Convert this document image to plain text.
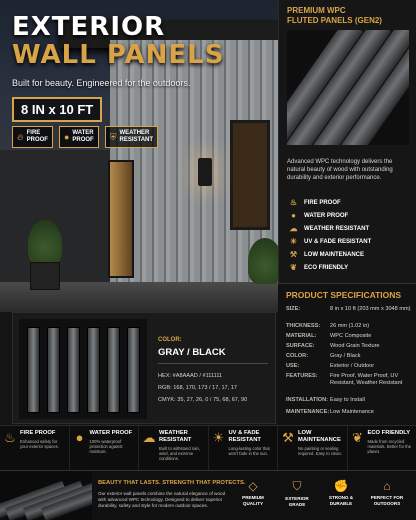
EXTERIOR
WALL PANELS
Built for beauty. Engineered for the outdoors.
8 IN x 10 FT
🔥︎ FIRE
PROOF ● WATER
PROOF ⛨ WEATHER
RESISTANT
PREMIUM WPC
FLUTED PANELS (GEN2)
Advanced WPC technology delivers the natural beauty of wood with outstanding durability and exterior performance.
♨ FIRE PROOF
●	WATER PROOF
☁ WEATHER RESISTANT
☀ UV & FADE RESISTANT
⚒ LOW MAINTENANCE
❦ ECO FRIENDLY
PRODUCT SPECIFICATIONS
SIZE:	8 in x 10 ft (203 mm x 3048 mm)
THICKNESS:	26 mm (1.02 in)
MATERIAL:	WPC Composite
SURFACE:	Wood Grain Texture
COLOR:	Gray / Black
USE:	Exterior / Outdoor
FEATURES:	Fire Proof, Water Proof, UV Resistant, Weather Resistant
INSTALLATION: Easy to Install
MAINTENANCE: Low Maintenance
COLOR:
GRAY / BLACK
HEX: #A8AAAD / #111111
RGB: 168, 170, 173 / 17, 17, 17
CMYK: 35, 27, 26, 0 / 75, 68, 67, 90
♨ FIRE PROOF
Enhanced safety for your exterior spaces.
●	WATER PROOF
100% waterproof protection against moisture.
☁ WEATHER RESISTANT
Built to withstand rain, wind, and extreme conditions.
☀ UV & FADE RESISTANT
Long-lasting color that won't fade in the sun.
⚒ LOW MAINTENANCE
No painting or sealing required. Easy to clean.
❦ ECO FRIENDLY
Made from recycled materials. Better for the planet.
BEAUTY THAT LASTS. STRENGTH THAT PROTECTS.
Our exterior wall panels combine the natural elegance of wood with advanced WPC technology. Designed to deliver superior durability, safety and style for modern outdoor spaces.
◇
PREMIUM
QUALITY
⛉
EXTERIOR
GRADE
✊
STRONG &
DURABLE
⌂
PERFECT FOR
OUTDOORS
